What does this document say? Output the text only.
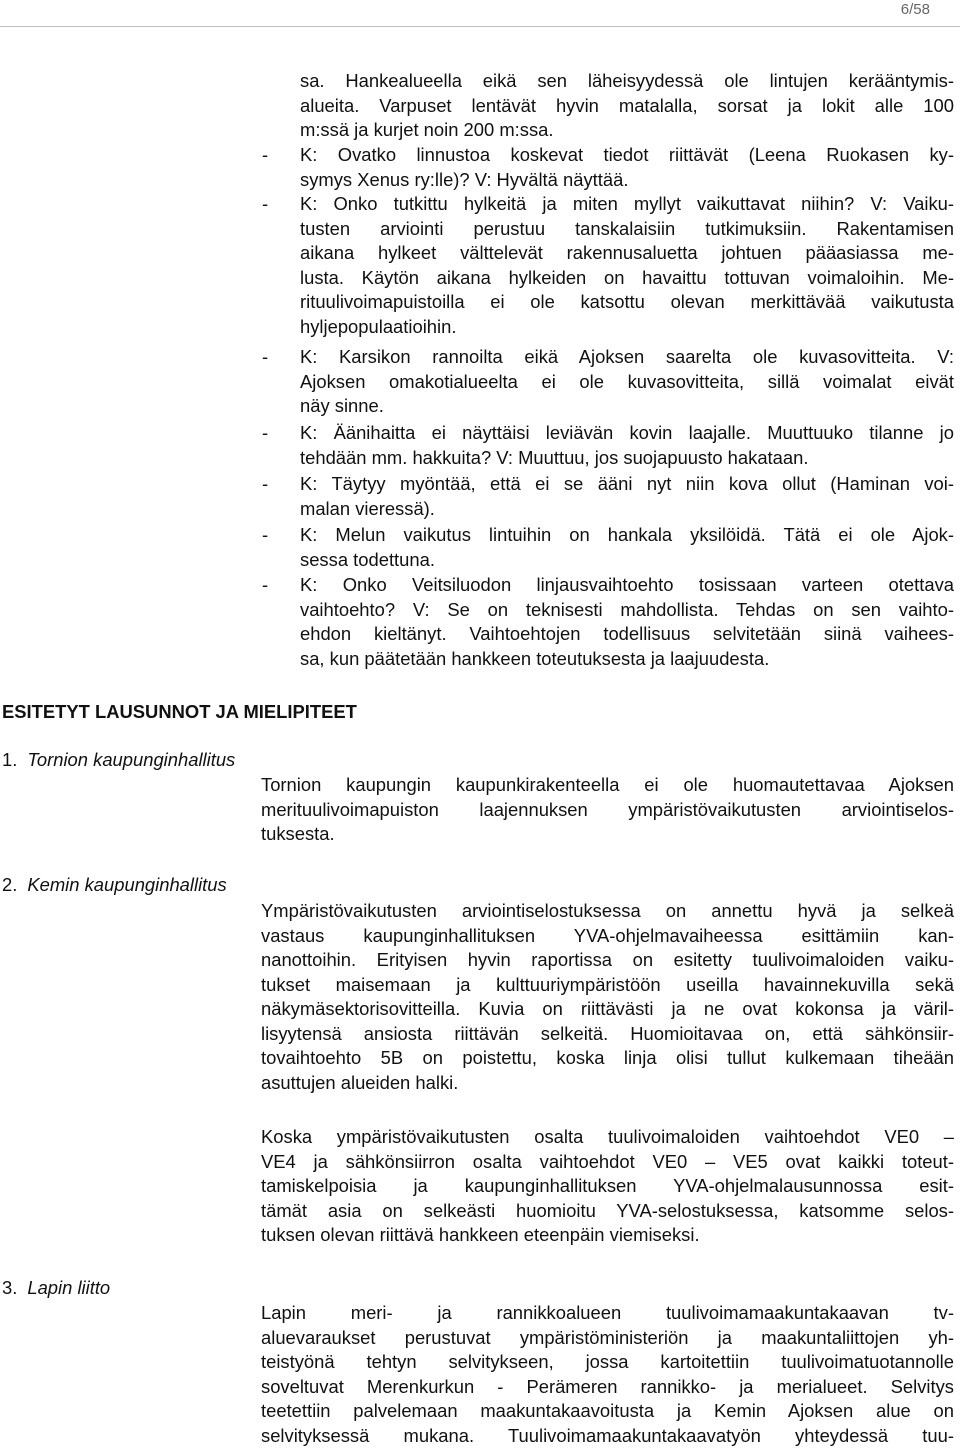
6/58
sa. Hankealueella eikä sen läheisyydessä ole lintujen kerääntymis-
alueita. Varpuset lentävät hyvin matalalla, sorsat ja lokit alle 100
m:ssä ja kurjet noin 200 m:ssa.
- K: Ovatko linnustoa koskevat tiedot riittävät (Leena Ruokasen ky-
symys Xenus ry:lle)? V: Hyvältä näyttää.
- K: Onko tutkittu hylkeitä ja miten myllyt vaikuttavat niihin? V: Vaiku-
tusten arviointi perustuu tanskalaisiin tutkimuksiin. Rakentamisen
aikana hylkeet välttelevät rakennusaluetta johtuen pääasiassa me-
lusta. Käytön aikana hylkeiden on havaittu tottuvan voimaloihin. Me-
rituulivoimapuistoilla ei ole katsottu olevan merkittävää vaikutusta
hyljepopulaatioihin.
- K: Karsikon rannoilta eikä Ajoksen saarelta ole kuvasovitteita. V:
Ajoksen omakotialueelta ei ole kuvasovitteita, sillä voimalat eivät
näy sinne.
- K: Äänihaitta ei näyttäisi leviävän kovin laajalle. Muuttuuko tilanne jo
tehdään mm. hakkuita? V: Muuttuu, jos suojapuusto hakataan.
- K: Täytyy myöntää, että ei se ääni nyt niin kova ollut (Haminan voi-
malan vieressä).
- K: Melun vaikutus lintuihin on hankala yksilöidä. Tätä ei ole Ajok-
sessa todettuna.
- K: Onko Veitsiluodon linjausvaihtoehto tosissaan varteen otettava
vaihtoehto? V: Se on teknisesti mahdollista. Tehdas on sen vaihto-
ehdon kieltänyt. Vaihtoehtojen todellisuus selvitetään siinä vaihees-
sa, kun päätetään hankkeen toteutuksesta ja laajuudesta.
ESITETYT LAUSUNNOT JA MIELIPITEET
1. Tornion kaupunginhallitus
Tornion kaupungin kaupunkirakenteella ei ole huomautettavaa Ajoksen
merituulivoimapuiston laajennuksen ympäristövaikutusten arviointiselos-
tuksesta.
2. Kemin kaupunginhallitus
Ympäristövaikutusten arviointiselostuksessa on annettu hyvä ja selkeä
vastaus kaupunginhallituksen YVA-ohjelmavaiheessa esittämiin kan-
nanottoihin. Erityisen hyvin raportissa on esitetty tuulivoimaloiden vaiku-
tukset maisemaan ja kulttuuriympäristöön useilla havainnekuvilla sekä
näkymäsektorisovitteilla. Kuvia on riittävästi ja ne ovat kokonsa ja väril-
lisyytensä ansiosta riittävän selkeitä. Huomioitavaa on, että sähkönsiir-
tovaihtoehto 5B on poistettu, koska linja olisi tullut kulkemaan tiheään
asuttujen alueiden halki.
Koska ympäristövaikutusten osalta tuulivoimaloiden vaihtoehdot VE0 –
VE4 ja sähkönsiirron osalta vaihtoehdot VE0 – VE5 ovat kaikki toteut-
tamiskelpoisia ja kaupunginhallituksen YVA-ohjelmalausunnossa esit-
tämät asia on selkeästi huomioitu YVA-selostuksessa, katsomme selos-
tuksen olevan riittävä hankkeen eteenpäin viemiseksi.
3. Lapin liitto
Lapin meri- ja rannikkoalueen tuulivoimamaakuntakaavan tv-
aluevaraukset perustuvat ympäristöministeriön ja maakuntaliittojen yh-
teistyönä tehtyn selvitykseen, jossa kartoitettiin tuulivoimatuotannolle
soveltuvat Merenkurkun - Perämeren rannikko- ja merialueet. Selvitys
teetettiin palvelemaan maakuntakaavoitusta ja Kemin Ajoksen alue on
selvityksessä mukana. Tuulivoimamaakuntakaavatyön yhteydessä tuu-
